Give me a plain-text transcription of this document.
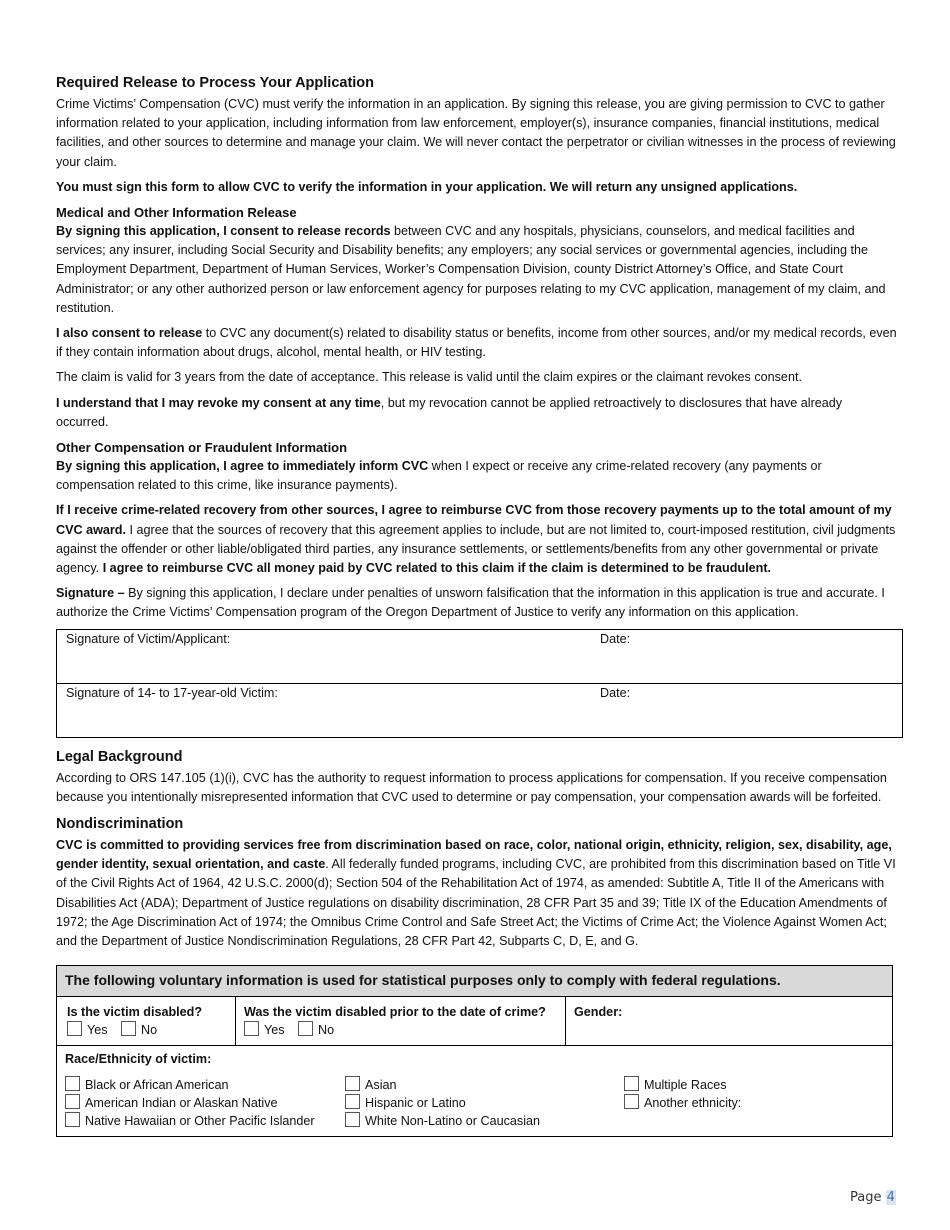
Required Release to Process Your Application

Crime Victims’ Compensation (CVC) must verify the information in an application. By signing this release, you are giving permission to CVC to gather information related to your application, including information from law enforcement, employer(s), insurance companies, financial institutions, medical facilities, and other sources to determine and manage your claim. We will never contact the perpetrator or civilian witnesses in the process of reviewing your claim.

You must sign this form to allow CVC to verify the information in your application. We will return any unsigned applications.

Medical and Other Information Release

By signing this application, I consent to release records between CVC and any hospitals, physicians, counselors, and medical facilities and services; any insurer, including Social Security and Disability benefits; any employers; any social services or governmental agencies, including the Employment Department, Department of Human Services, Worker’s Compensation Division, county District Attorney’s Office, and State Court Administrator; or any other authorized person or law enforcement agency for purposes relating to my CVC application, management of my claim, and restitution.

I also consent to release to CVC any document(s) related to disability status or benefits, income from other sources, and/or my medical records, even if they contain information about drugs, alcohol, mental health, or HIV testing.

The claim is valid for 3 years from the date of acceptance. This release is valid until the claim expires or the claimant revokes consent.

I understand that I may revoke my consent at any time, but my revocation cannot be applied retroactively to disclosures that have already occurred.

Other Compensation or Fraudulent Information

By signing this application, I agree to immediately inform CVC when I expect or receive any crime-related recovery (any payments or compensation related to this crime, like insurance payments).

If I receive crime-related recovery from other sources, I agree to reimburse CVC from those recovery payments up to the total amount of my CVC award. I agree that the sources of recovery that this agreement applies to include, but are not limited to, court-imposed restitution, civil judgments against the offender or other liable/obligated third parties, any insurance settlements, or settlements/benefits from any other governmental or private agency. I agree to reimburse CVC all money paid by CVC related to this claim if the claim is determined to be fraudulent.

Signature – By signing this application, I declare under penalties of unsworn falsification that the information in this application is true and accurate. I authorize the Crime Victims’ Compensation program of the Oregon Department of Justice to verify any information on this application.

Signature of Victim/Applicant:	Date:
Signature of 14- to 17-year-old Victim:	Date:
Legal Background

According to ORS 147.105 (1)(i), CVC has the authority to request information to process applications for compensation. If you receive compensation because you intentionally misrepresented information that CVC used to determine or pay compensation, your compensation awards will be forfeited.

Nondiscrimination

CVC is committed to providing services free from discrimination based on race, color, national origin, ethnicity, religion, sex, disability, age, gender identity, sexual orientation, and caste. All federally funded programs, including CVC, are prohibited from this discrimination based on Title VI of the Civil Rights Act of 1964, 42 U.S.C. 2000(d); Section 504 of the Rehabilitation Act of 1974, as amended: Subtitle A, Title II of the Americans with Disabilities Act (ADA); Department of Justice regulations on disability discrimination, 28 CFR Part 35 and 39; Title IX of the Education Amendments of 1972; the Age Discrimination Act of 1974; the Omnibus Crime Control and Safe Street Act; the Victims of Crime Act; the Violence Against Women Act; and the Department of Justice Nondiscrimination Regulations, 28 CFR Part 42, Subparts C, D, E, and G.

The following voluntary information is used for statistical purposes only to comply with federal regulations.

Is the victim disabled?
Yes	No

Was the victim disabled prior to the date of crime?
Yes	No

Gender:

Race/Ethnicity of victim:
Black or African American
American Indian or Alaskan Native
Native Hawaiian or Other Pacific Islander
Asian
Hispanic or Latino
White Non-Latino or Caucasian
Multiple Races
Another ethnicity:
Page 4
